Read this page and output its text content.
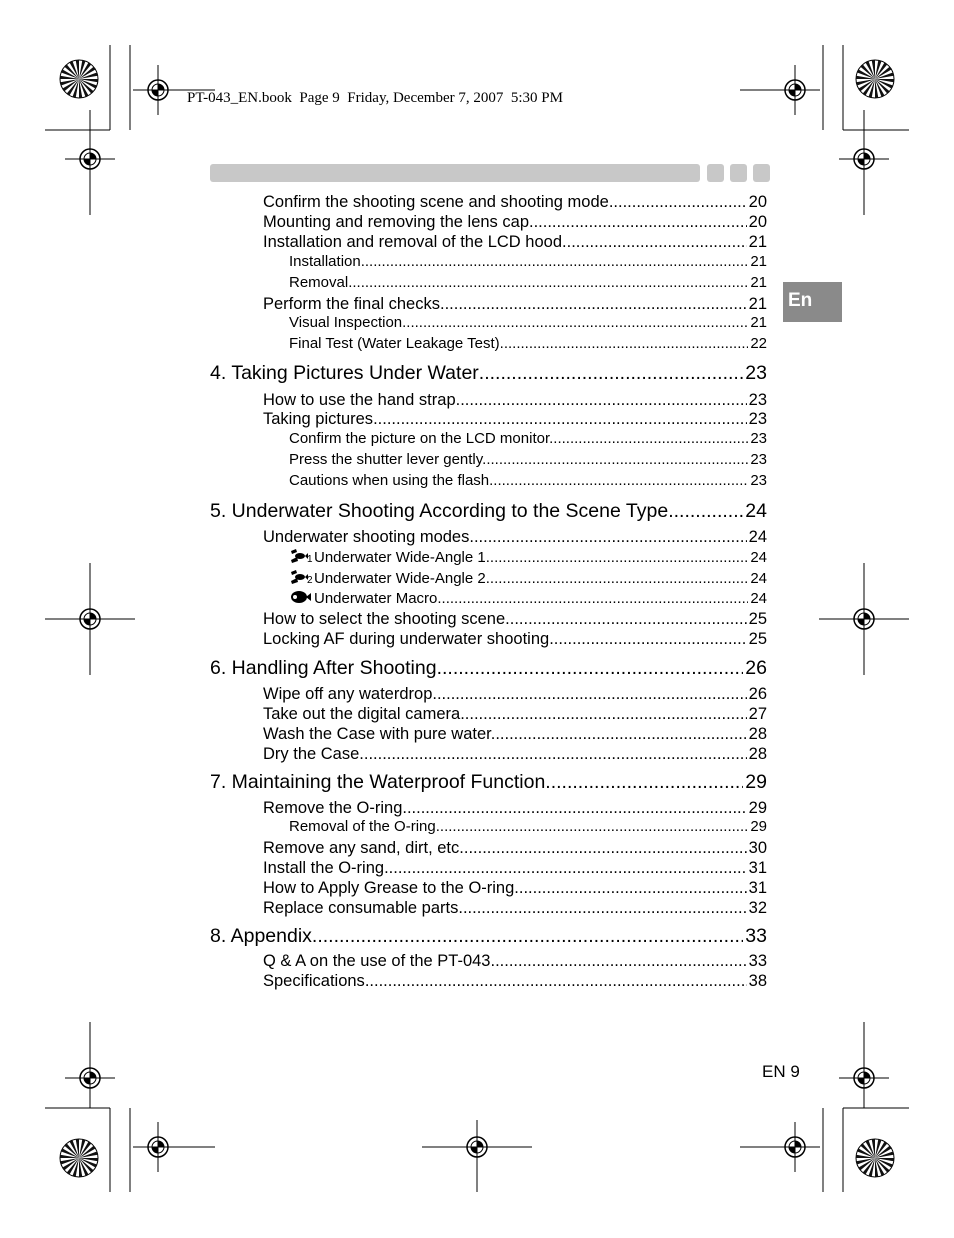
PT-043_EN.book  Page 9  Friday, December 7, 2007  5:30 PM
En
Confirm the shooting scene and shooting mode .....	20
Mounting and removing the lens cap. .....	20
Installation and removal of the LCD hood. .....	21
Installation .....	21
Removal .....	21
Perform the final checks. .....	21
Visual Inspection .....	21
Final Test (Water Leakage Test) .....	22
4. Taking Pictures Under Water .....	23
How to use the hand strap .....	23
Taking pictures .....	23
Confirm the picture on the LCD monitor. .....	23
Press the shutter lever gently. .....	23
Cautions when using the flash .....	23
5. Underwater Shooting According to the Scene Type .....	24
Underwater shooting modes .....	24
1 Underwater Wide-Angle 1 .....	24
2 Underwater Wide-Angle 2 .....	24
Underwater Macro .....	24
How to select the shooting scene .....	25
Locking AF during underwater shooting .....	25
6. Handling After Shooting .....	26
Wipe off any waterdrop. .....	26
Take out the digital camera .....	27
Wash the Case with pure water. .....	28
Dry the Case. .....	28
7. Maintaining the Waterproof Function .....	29
Remove the O-ring .....	29
Removal of the O-ring .....	29
Remove any sand, dirt, etc. .....	30
Install the O-ring .....	31
How to Apply Grease to the O-ring .....	31
Replace consumable parts. .....	32
8. Appendix .....	33
Q & A on the use of the PT-043 .....	33
Specifications .....	38
EN 9
